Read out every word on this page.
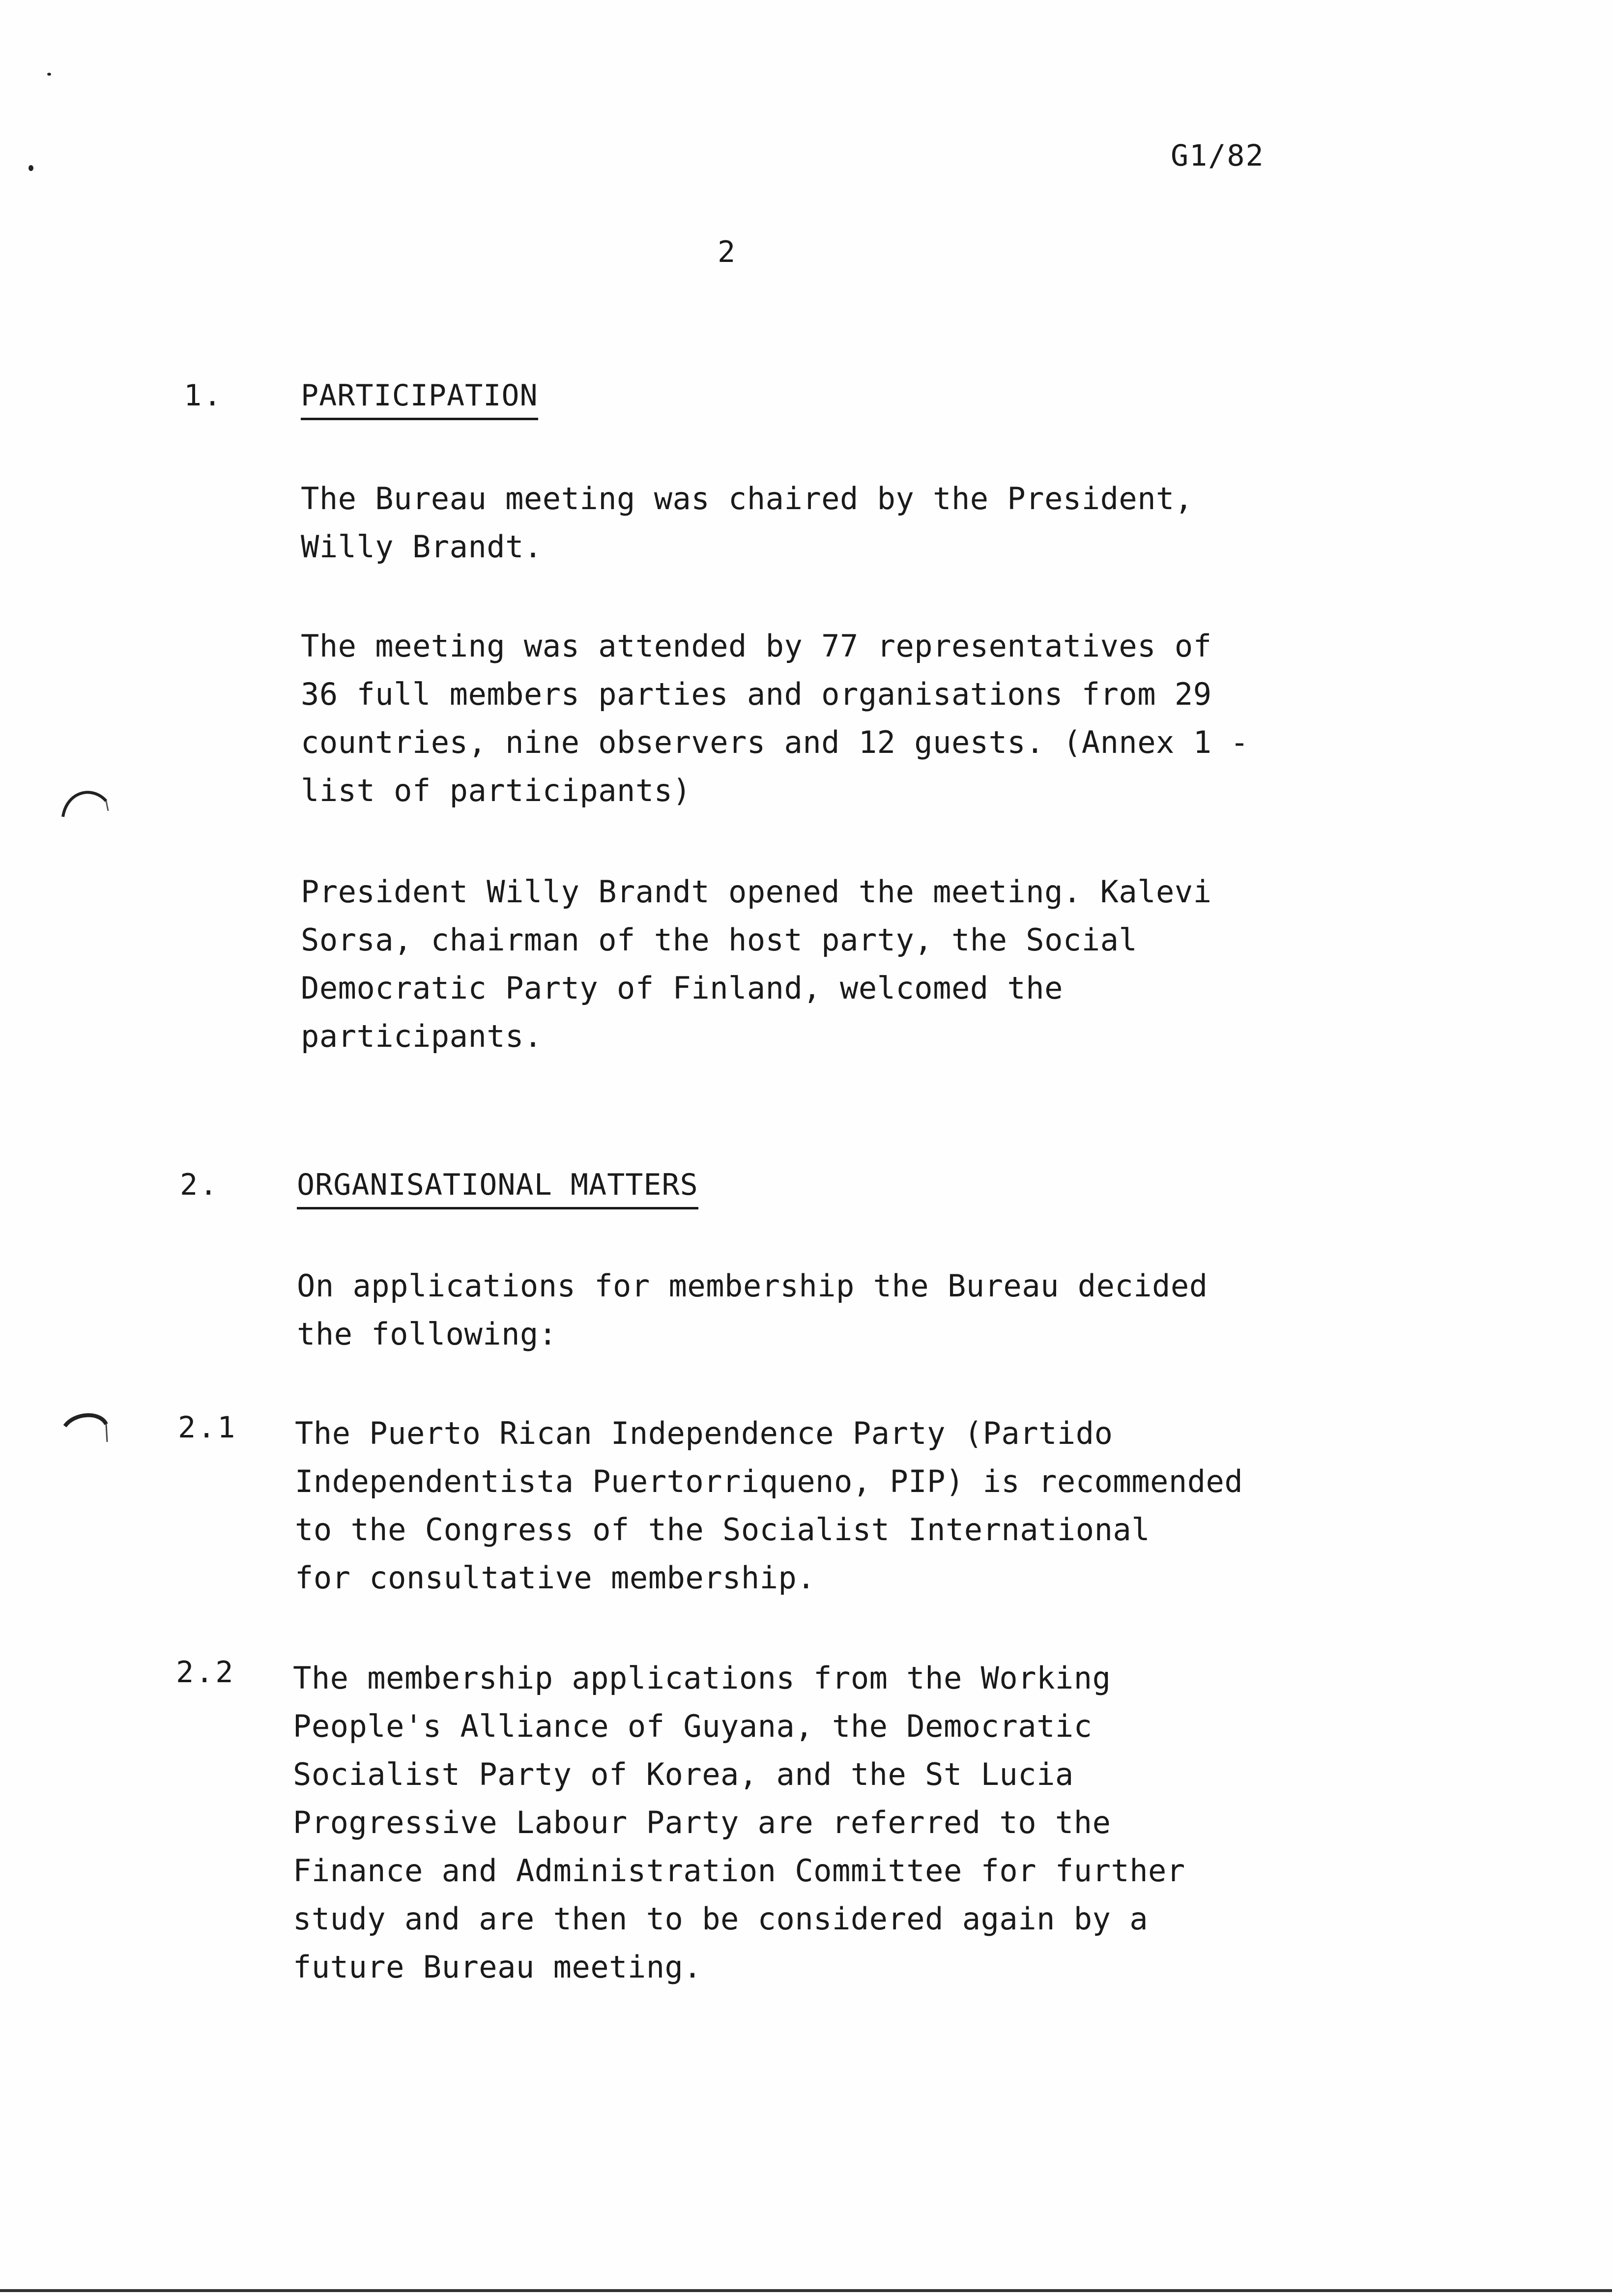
G1/82
2
1.	PARTICIPATION
The Bureau meeting was chaired by the President,
Willy Brandt.
The meeting was attended by 77 representatives of
36 full members parties and organisations from 29
countries, nine observers and 12 guests. (Annex 1 -
list of participants)
President Willy Brandt opened the meeting. Kalevi
Sorsa, chairman of the host party, the Social
Democratic Party of Finland, welcomed the
participants.
2.	ORGANISATIONAL MATTERS
On applications for membership the Bureau decided
the following:
2.1 The Puerto Rican Independence Party (Partido
Independentista Puertorriqueno, PIP) is recommended
to the Congress of the Socialist International
for consultative membership.
2.2 The membership applications from the Working
People's Alliance of Guyana, the Democratic
Socialist Party of Korea, and the St Lucia
Progressive Labour Party are referred to the
Finance and Administration Committee for further
study and are then to be considered again by a
future Bureau meeting.
